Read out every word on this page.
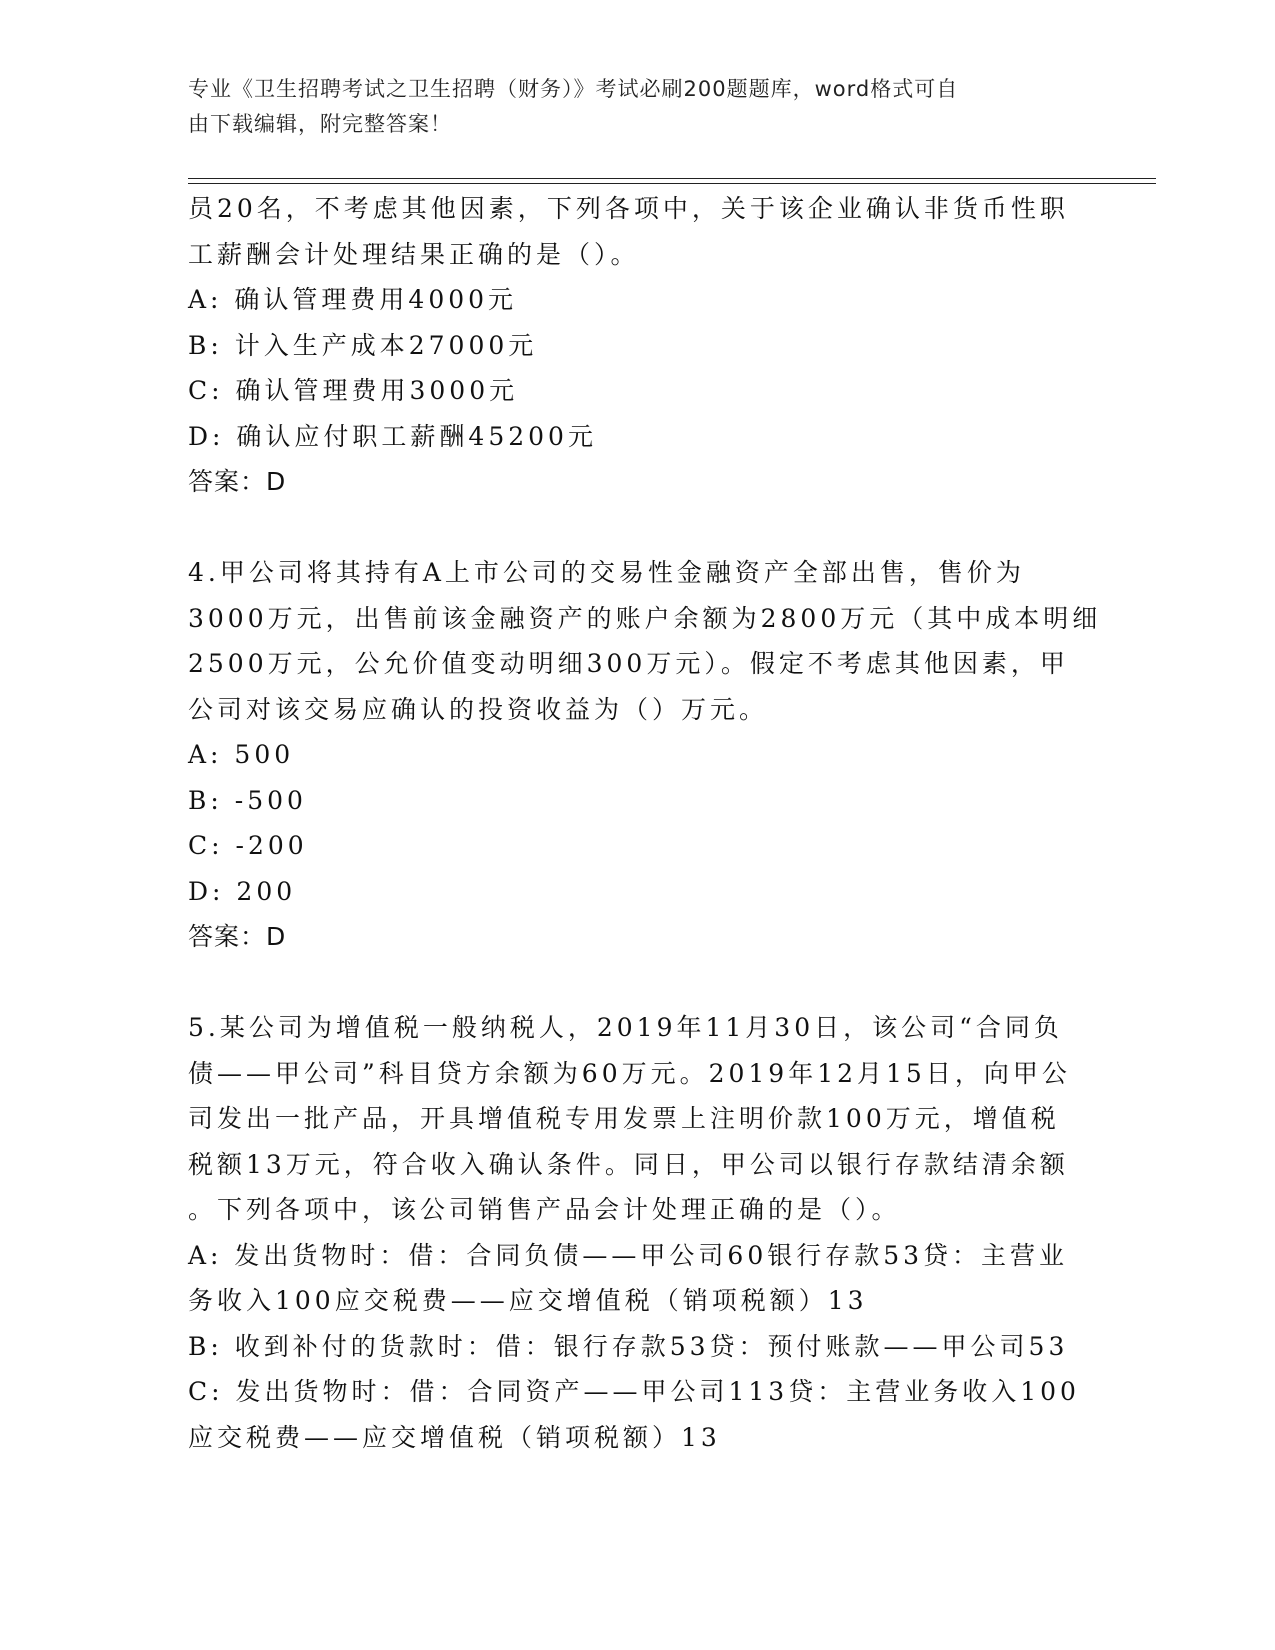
专业《卫生招聘考试之卫生招聘（财务）》考试必刷200题题库，word格式可自
由下载编辑，附完整答案！
员20名，不考虑其他因素，下列各项中，关于该企业确认非货币性职
工薪酬会计处理结果正确的是（）。
A: 确认管理费用4000元
B: 计入生产成本27000元
C: 确认管理费用3000元
D: 确认应付职工薪酬45200元
答案：D
4.甲公司将其持有A上市公司的交易性金融资产全部出售，售价为
3000万元，出售前该金融资产的账户余额为2800万元（其中成本明细
2500万元，公允价值变动明细300万元）。假定不考虑其他因素，甲
公司对该交易应确认的投资收益为（）万元。
A: 500
B: -500
C: -200
D: 200
答案：D
5.某公司为增值税一般纳税人，2019年11月30日，该公司“合同负
债——甲公司”科目贷方余额为60万元。2019年12月15日，向甲公
司发出一批产品，开具增值税专用发票上注明价款100万元，增值税
税额13万元，符合收入确认条件。同日，甲公司以银行存款结清余额
。下列各项中，该公司销售产品会计处理正确的是（）。
A: 发出货物时：借：合同负债——甲公司60银行存款53贷：主营业
务收入100应交税费——应交增值税（销项税额）13
B: 收到补付的货款时：借：银行存款53贷：预付账款——甲公司53
C: 发出货物时：借：合同资产——甲公司113贷：主营业务收入100
应交税费——应交增值税（销项税额）13
